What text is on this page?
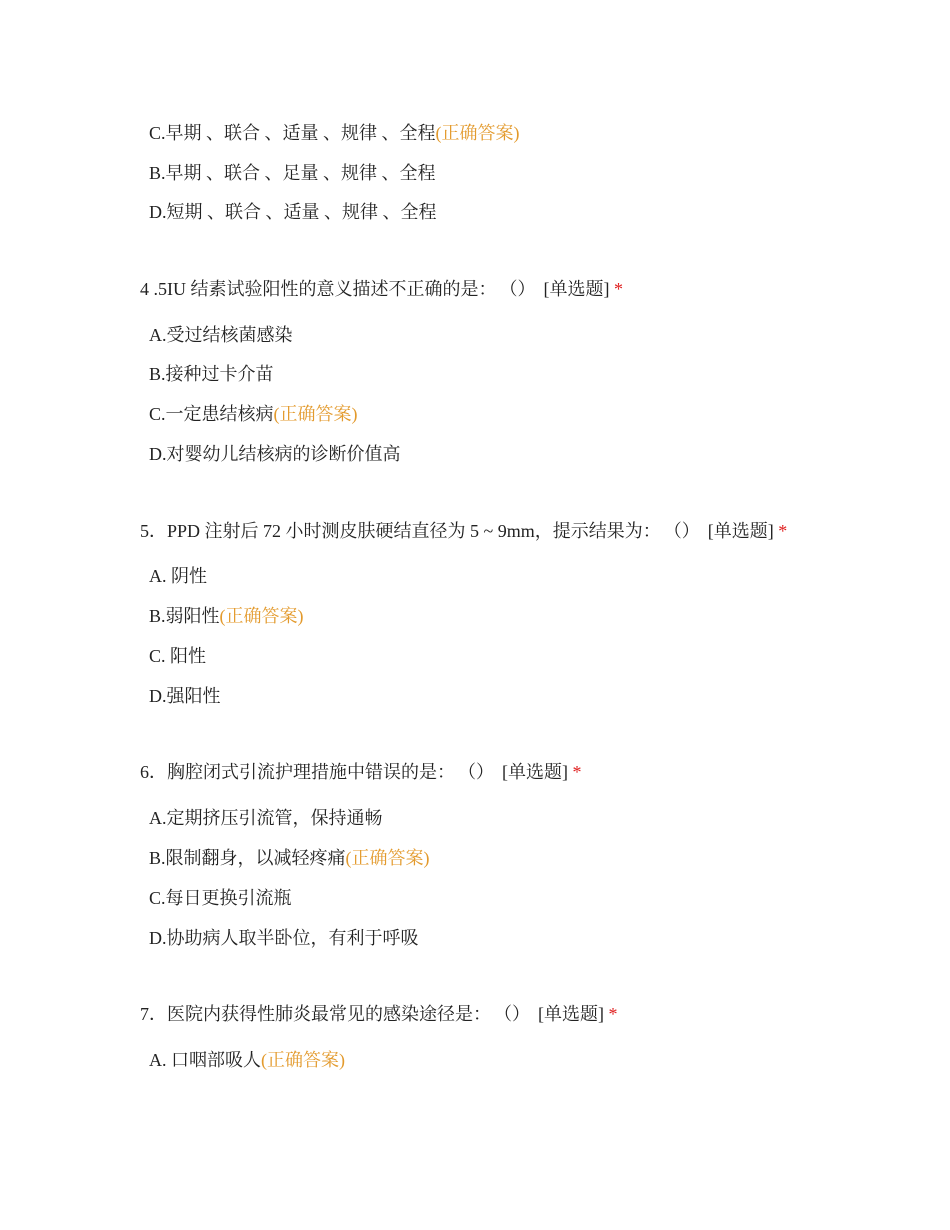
C.早期 、联合 、适量 、规律 、全程(正确答案)
B.早期 、联合 、足量 、规律 、全程
D.短期 、联合 、适量 、规律 、全程
4 .5IU 结素试验阳性的意义描述不正确的是： （） [单选题] *
A.受过结核菌感染
B.接种过卡介苗
C.一定患结核病(正确答案)
D.对婴幼儿结核病的诊断价值高
5．PPD 注射后 72 小时测皮肤硬结直径为 5 ~ 9mm，提示结果为： （） [单选题] *
A. 阴性
B.弱阳性(正确答案)
C. 阳性
D.强阳性
6．胸腔闭式引流护理措施中错误的是： （） [单选题] *
A.定期挤压引流管，保持通畅
B.限制翻身，以减轻疼痛(正确答案)
C.每日更换引流瓶
D.协助病人取半卧位，有利于呼吸
7．医院内获得性肺炎最常见的感染途径是： （） [单选题] *
A. 口咽部吸人(正确答案)
